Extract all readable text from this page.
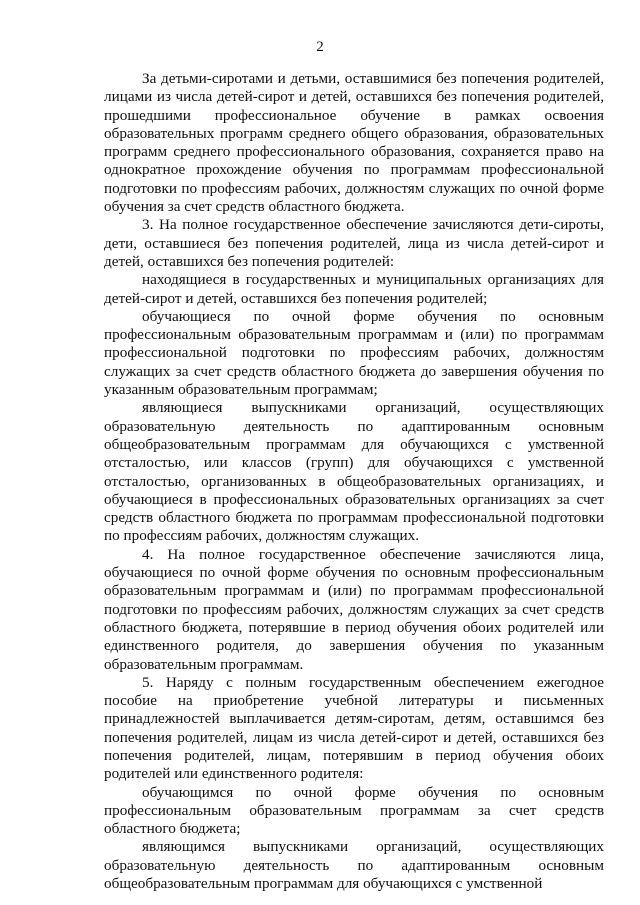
2

За детьми-сиротами и детьми, оставшимися без попечения родителей, лицами из числа детей-сирот и детей, оставшихся без попечения родителей, прошедшими профессиональное обучение в рамках освоения образовательных программ среднего общего образования, образовательных программ среднего профессионального образования, сохраняется право на однократное прохождение обучения по программам профессиональной подготовки по профессиям рабочих, должностям служащих по очной форме обучения за счет средств областного бюджета.

3. На полное государственное обеспечение зачисляются дети-сироты, дети, оставшиеся без попечения родителей, лица из числа детей-сирот и детей, оставшихся без попечения родителей:

находящиеся в государственных и муниципальных организациях для детей-сирот и детей, оставшихся без попечения родителей;

обучающиеся по очной форме обучения по основным профессиональным образовательным программам и (или) по программам профессиональной подготовки по профессиям рабочих, должностям служащих за счет средств областного бюджета до завершения обучения по указанным образовательным программам;

являющиеся выпускниками организаций, осуществляющих образовательную деятельность по адаптированным основным общеобразовательным программам для обучающихся с умственной отсталостью, или классов (групп) для обучающихся с умственной отсталостью, организованных в общеобразовательных организациях, и обучающиеся в профессиональных образовательных организациях за счет средств областного бюджета по программам профессиональной подготовки по профессиям рабочих, должностям служащих.

4. На полное государственное обеспечение зачисляются лица, обучающиеся по очной форме обучения по основным профессиональным образовательным программам и (или) по программам профессиональной подготовки по профессиям рабочих, должностям служащих за счет средств областного бюджета, потерявшие в период обучения обоих родителей или единственного родителя, до завершения обучения по указанным образовательным программам.

5. Наряду с полным государственным обеспечением ежегодное пособие на приобретение учебной литературы и письменных принадлежностей выплачивается детям-сиротам, детям, оставшимся без попечения родителей, лицам из числа детей-сирот и детей, оставшихся без попечения родителей, лицам, потерявшим в период обучения обоих родителей или единственного родителя:

обучающимся по очной форме обучения по основным профессиональным образовательным программам за счет средств областного бюджета;

являющимся выпускниками организаций, осуществляющих образовательную деятельность по адаптированным основным общеобразовательным программам для обучающихся с умственной
